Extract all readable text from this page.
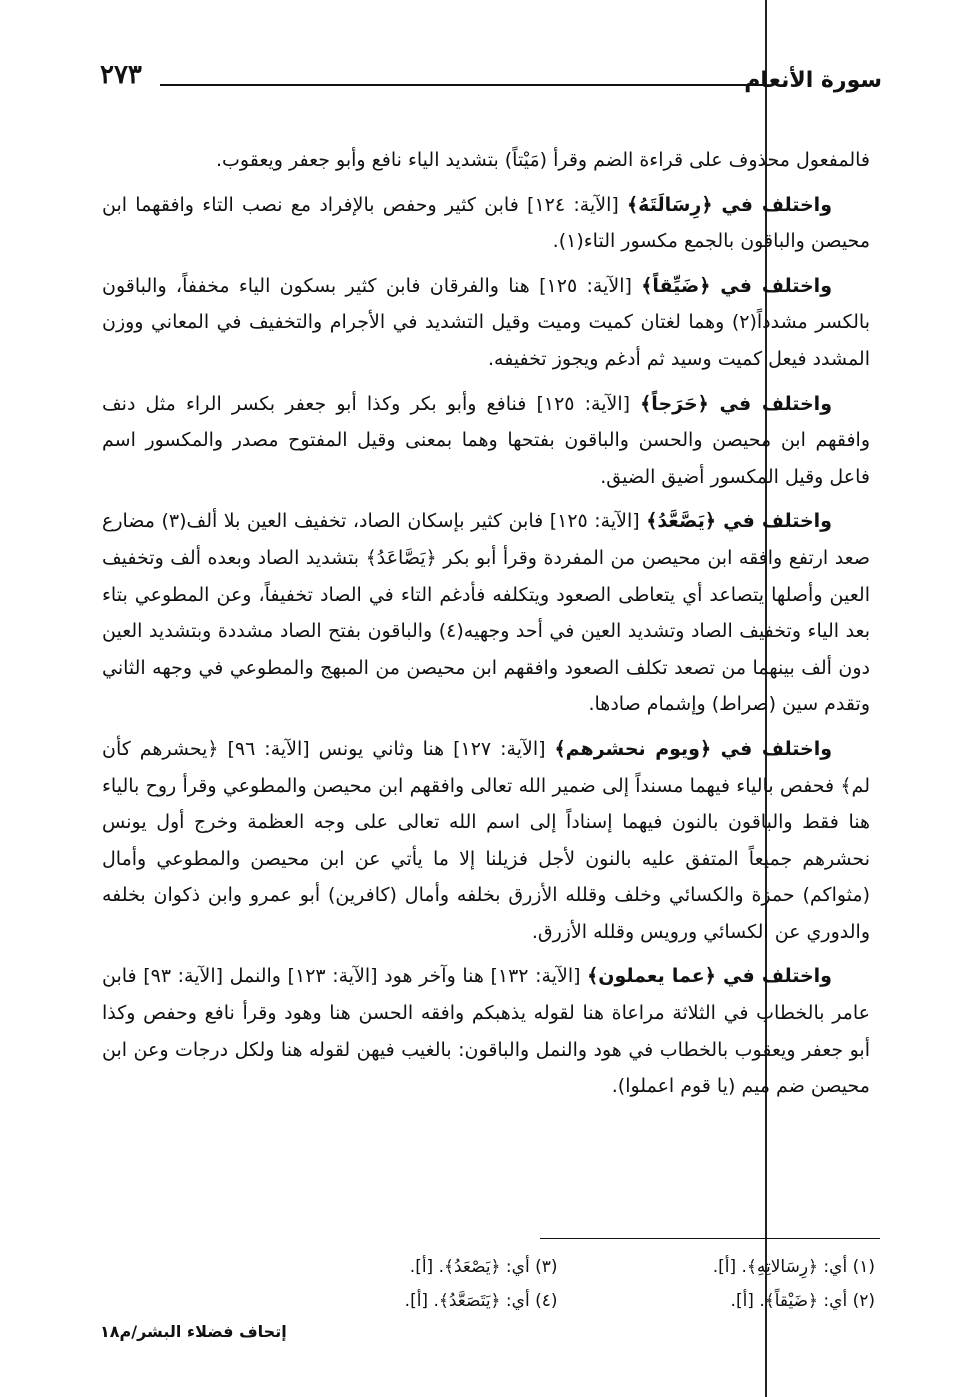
٢٧٣	سورة الأنعام
فالمفعول محذوف على قراءة الضم وقرأ (مَيْتاً) بتشديد الياء نافع وأبو جعفر ويعقوب.
واختلف في ﴿رِسَالَتَهُ﴾ [الآية: ١٢٤] فابن كثير وحفص بالإفراد مع نصب التاء وافقهما ابن محيصن والباقون بالجمع مكسور التاء(١).
واختلف في ﴿ضَيِّقاً﴾ [الآية: ١٢٥] هنا والفرقان فابن كثير بسكون الياء مخففاً، والباقون بالكسر مشدداً(٢) وهما لغتان كميت وميت وقيل التشديد في الأجرام والتخفيف في المعاني ووزن المشدد فيعل كميت وسيد ثم أدغم ويجوز تخفيفه.
واختلف في ﴿حَرَجاً﴾ [الآية: ١٢٥] فنافع وأبو بكر وكذا أبو جعفر بكسر الراء مثل دنف وافقهم ابن محيصن والحسن والباقون بفتحها وهما بمعنى وقيل المفتوح مصدر والمكسور اسم فاعل وقيل المكسور أضيق الضيق.
واختلف في ﴿يَصَّعَّدُ﴾ [الآية: ١٢٥] فابن كثير بإسكان الصاد، تخفيف العين بلا ألف(٣) مضارع صعد ارتفع وافقه ابن محيصن من المفردة وقرأ أبو بكر ﴿يَصَّاعَدُ﴾ بتشديد الصاد وبعده ألف وتخفيف العين وأصلها يتصاعد أي يتعاطى الصعود ويتكلفه فأدغم التاء في الصاد تخفيفاً، وعن المطوعي بتاء بعد الياء وتخفيف الصاد وتشديد العين في أحد وجهيه(٤) والباقون بفتح الصاد مشددة وبتشديد العين دون ألف بينهما من تصعد تكلف الصعود وافقهم ابن محيصن من المبهج والمطوعي في وجهه الثاني وتقدم سين (صراط) وإشمام صادها.
واختلف في ﴿ويوم نحشرهم﴾ [الآية: ١٢٧] هنا وثاني يونس [الآية: ٩٦] ﴿يحشرهم كأن لم﴾ فحفص بالياء فيهما مسنداً إلى ضمير الله تعالى وافقهم ابن محيصن والمطوعي وقرأ روح بالياء هنا فقط والباقون بالنون فيهما إسناداً إلى اسم الله تعالى على وجه العظمة وخرج أول يونس نحشرهم جميعاً المتفق عليه بالنون لأجل فزيلنا إلا ما يأتي عن ابن محيصن والمطوعي وأمال (مثواكم) حمزة والكسائي وخلف وقلله الأزرق بخلفه وأمال (كافرين) أبو عمرو وابن ذكوان بخلفه والدوري عن الكسائي ورويس وقلله الأزرق.
واختلف في ﴿عما يعملون﴾ [الآية: ١٣٢] هنا وآخر هود [الآية: ١٢٣] والنمل [الآية: ٩٣] فابن عامر بالخطاب في الثلاثة مراعاة هنا لقوله يذهبكم وافقه الحسن هنا وهود وقرأ نافع وحفص وكذا أبو جعفر ويعقوب بالخطاب في هود والنمل والباقون: بالغيب فيهن لقوله هنا ولكل درجات وعن ابن محيصن ضم ميم (يا قوم اعملوا).
(١) أي: ﴿رِسَالاتِهِ﴾. [أ].
(٣) أي: ﴿يَصْعَدُ﴾. [أ].
(٢) أي: ﴿ضَيْقاً﴾. [أ].
(٤) أي: ﴿يَتَصَعَّدُ﴾. [أ].
إتحاف فضلاء البشر/م١٨
